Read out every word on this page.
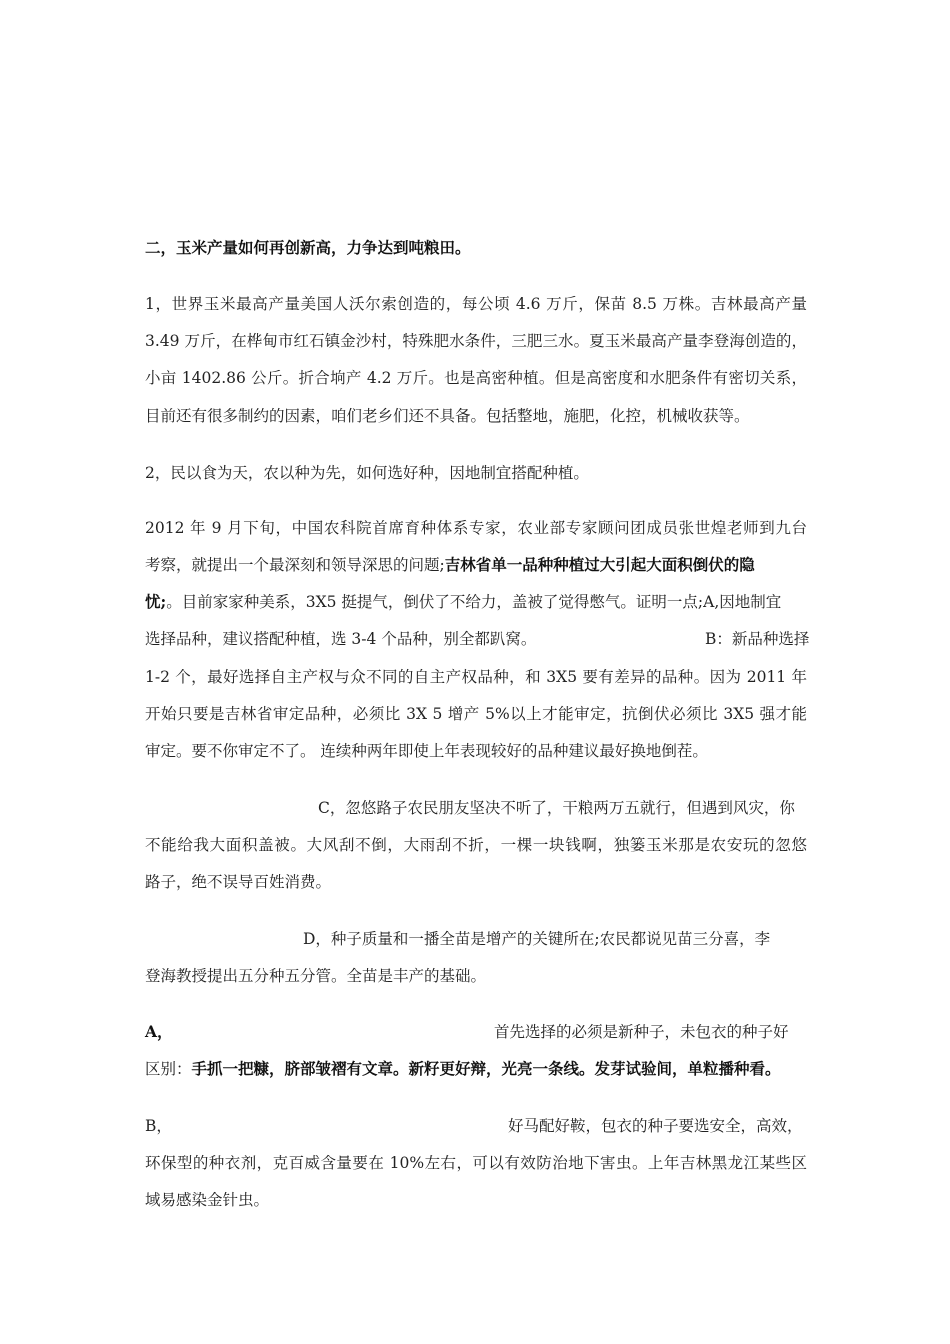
二，玉米产量如何再创新高，力争达到吨粮田。
1，世界玉米最高产量美国人沃尔索创造的，每公顷 4.6 万斤，保苗 8.5 万株。吉林最高产量
3.49 万斤，在桦甸市红石镇金沙村，特殊肥水条件，三肥三水。夏玉米最高产量李登海创造的，
小亩 1402.86 公斤。折合垧产 4.2 万斤。也是高密种植。但是高密度和水肥条件有密切关系，
目前还有很多制约的因素，咱们老乡们还不具备。包括整地，施肥，化控，机械收获等。
2，民以食为天，农以种为先，如何选好种，因地制宜搭配种植。
2012 年 9 月下旬，中国农科院首席育种体系专家，农业部专家顾问团成员张世煌老师到九台
考察，就提出一个最深刻和领导深思的问题;吉林省单一品种种植过大引起大面积倒伏的隐
忧;。目前家家种美系，3X5 挺提气，倒伏了不给力，盖被了觉得憋气。证明一点;A,因地制宜
选择品种，建议搭配种植，选 3-4 个品种，别全都趴窝。	B：新品种选择
1-2 个，最好选择自主产权与众不同的自主产权品种，和 3X5 要有差异的品种。因为 2011 年
开始只要是吉林省审定品种，必须比 3X 5 增产 5%以上才能审定，抗倒伏必须比 3X5 强才能
审定。要不你审定不了。 连续种两年即使上年表现较好的品种建议最好换地倒茬。
C，忽悠路子农民朋友坚决不听了，干粮两万五就行，但遇到风灾，你
不能给我大面积盖被。大风刮不倒，大雨刮不折，一棵一块钱啊，独篓玉米那是农安玩的忽悠
路子，绝不误导百姓消费。
D，种子质量和一播全苗是增产的关键所在;农民都说见苗三分喜，李
登海教授提出五分种五分管。全苗是丰产的基础。
A，	首先选择的必须是新种子，未包衣的种子好
区别：手抓一把糠，脐部皱褶有文章。新籽更好辩，光亮一条线。发芽试验间，单粒播种看。
B，	好马配好鞍，包衣的种子要选安全，高效，
环保型的种衣剂，克百威含量要在 10%左右，可以有效防治地下害虫。上年吉林黑龙江某些区
域易感染金针虫。
